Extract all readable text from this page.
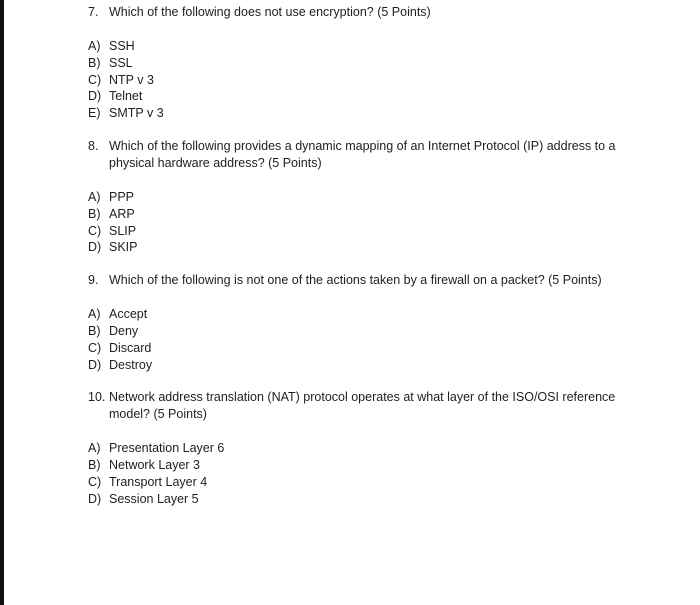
7. Which of the following does not use encryption? (5 Points)
A) SSH
B) SSL
C) NTP v 3
D) Telnet
E) SMTP v 3
8. Which of the following provides a dynamic mapping of an Internet Protocol (IP) address to a physical hardware address? (5 Points)
A) PPP
B) ARP
C) SLIP
D) SKIP
9. Which of the following is not one of the actions taken by a firewall on a packet? (5 Points)
A) Accept
B) Deny
C) Discard
D) Destroy
10. Network address translation (NAT) protocol operates at what layer of the ISO/OSI reference model? (5 Points)
A) Presentation Layer 6
B) Network Layer 3
C) Transport Layer 4
D) Session Layer 5
